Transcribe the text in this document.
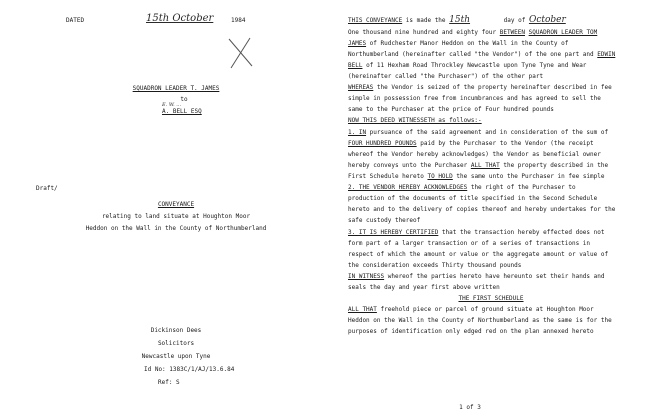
DATED	15th October	1984
SQUADRON LEADER T. JAMES
to
E. W. ...
A. BELL ESQ
Draft/
CONVEYANCE
relating to land situate at Houghton Moor
Heddon on the Wall in the County of Northumberland
Dickinson Dees
Solicitors
Newcastle upon Tyne
Id No: 1383C/1/AJ/13.6.84
Ref: S
THIS CONVEYANCE is made the 15th	day of October
One thousand nine hundred and eighty four BETWEEN SQUADRON LEADER TOM
JAMES of Rudchester Manor Heddon on the Wall in the County of
Northumberland (hereinafter called "the Vendor") of the one part and EDWIN
BELL of 11 Hexham Road Throckley Newcastle upon Tyne Tyne and Wear
(hereinafter called "the Purchaser") of the other part
WHEREAS the Vendor is seized of the property hereinafter described in fee
simple in possession free from incumbrances and has agreed to sell the
same to the Purchaser at the price of Four hundred pounds
NOW THIS DEED WITNESSETH as follows:-
1. IN pursuance of the said agreement and in consideration of the sum of
FOUR HUNDRED POUNDS paid by the Purchaser to the Vendor (the receipt
whereof the Vendor hereby acknowledges) the Vendor as beneficial owner
hereby conveys unto the Purchaser ALL THAT the property described in the
First Schedule hereto TO HOLD the same unto the Purchaser in fee simple
2. THE VENDOR HEREBY ACKNOWLEDGES the right of the Purchaser to
production of the documents of title specified in the Second Schedule
hereto and to the delivery of copies thereof and hereby undertakes for the
safe custody thereof
3. IT IS HEREBY CERTIFIED that the transaction hereby effected does not
form part of a larger transaction or of a series of transactions in
respect of which the amount or value or the aggregate amount or value of
the consideration exceeds Thirty thousand pounds
IN WITNESS whereof the parties hereto have hereunto set their hands and
seals the day and year first above written
THE FIRST SCHEDULE
ALL THAT freehold piece or parcel of ground situate at Houghton Moor
Heddon on the Wall in the County of Northumberland as the same is for the
purposes of identification only edged red on the plan annexed hereto
1 of 3
